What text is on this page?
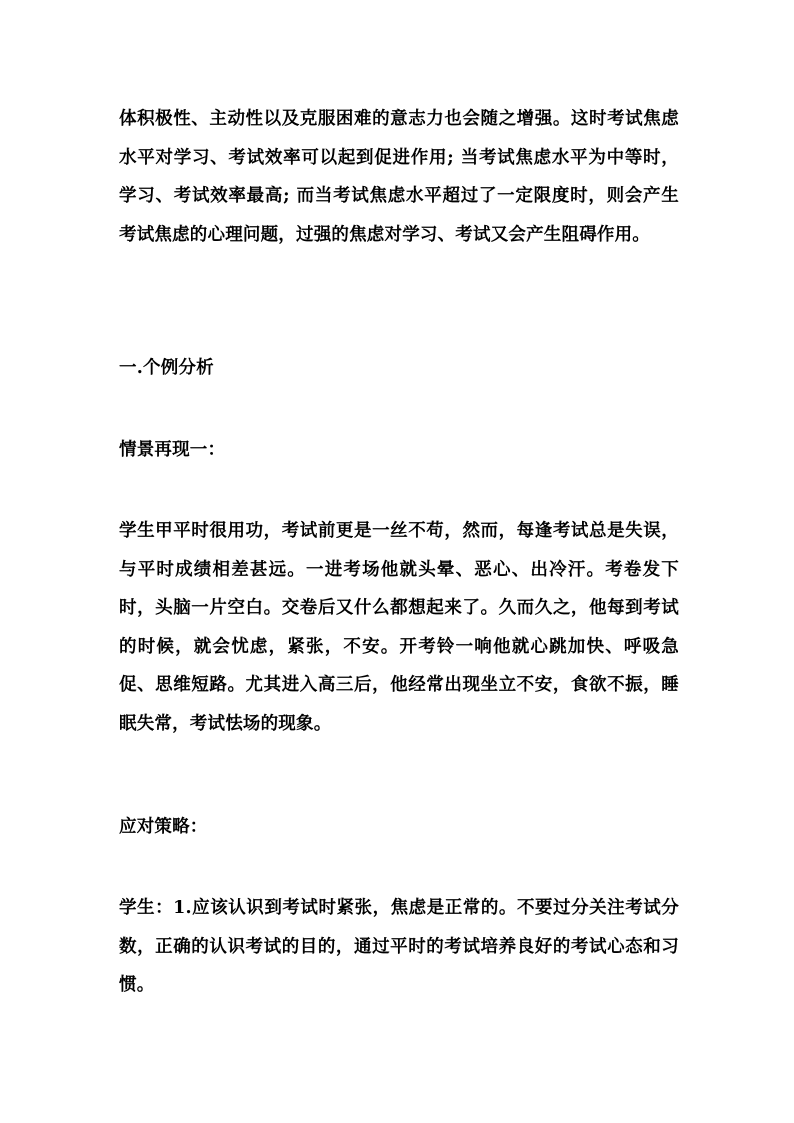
体积极性、主动性以及克服困难的意志力也会随之增强。这时考试焦虑水平对学习、考试效率可以起到促进作用; 当考试焦虑水平为中等时，学习、考试效率最高; 而当考试焦虑水平超过了一定限度时，则会产生考试焦虑的心理问题，过强的焦虑对学习、考试又会产生阻碍作用。

一.个例分析

情景再现一：

学生甲平时很用功，考试前更是一丝不苟，然而，每逢考试总是失误，与平时成绩相差甚远。一进考场他就头晕、恶心、出冷汗。考卷发下时，头脑一片空白。交卷后又什么都想起来了。久而久之，他每到考试的时候，就会忧虑，紧张，不安。开考铃一响他就心跳加快、呼吸急促、思维短路。尤其进入高三后，他经常出现坐立不安，食欲不振，睡眠失常，考试怯场的现象。

应对策略：

学生：1.应该认识到考试时紧张，焦虑是正常的。不要过分关注考试分数，正确的认识考试的目的，通过平时的考试培养良好的考试心态和习惯。
